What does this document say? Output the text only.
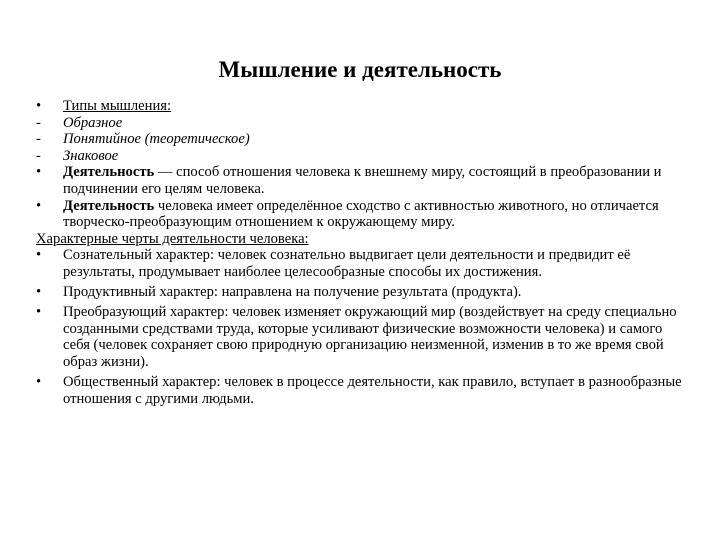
Мышление и деятельность
•	Типы мышления:
-	Образное
-	Понятийное (теоретическое)
-	Знаковое
•	Деятельность — способ отношения человека к внешнему миру, состоящий в преобразовании и подчинении его целям человека.
•	Деятельность человека имеет определённое сходство с активностью животного, но отличается творческо-преобразующим отношением к окружающему миру.
Характерные черты деятельности человека:
•	Сознательный характер: человек сознательно выдвигает цели деятельности и предвидит её результаты, продумывает наиболее целесообразные способы их достижения.
•	Продуктивный характер: направлена на получение результата (продукта).
•	Преобразующий характер: человек изменяет окружающий мир (воздействует на среду специально созданными средствами труда, которые усиливают физические возможности человека) и самого себя (человек сохраняет свою природную организацию неизменной, изменив в то же время свой образ жизни).
•	Общественный характер: человек в процессе деятельности, как правило, вступает в разнообразные отношения с другими людьми.
